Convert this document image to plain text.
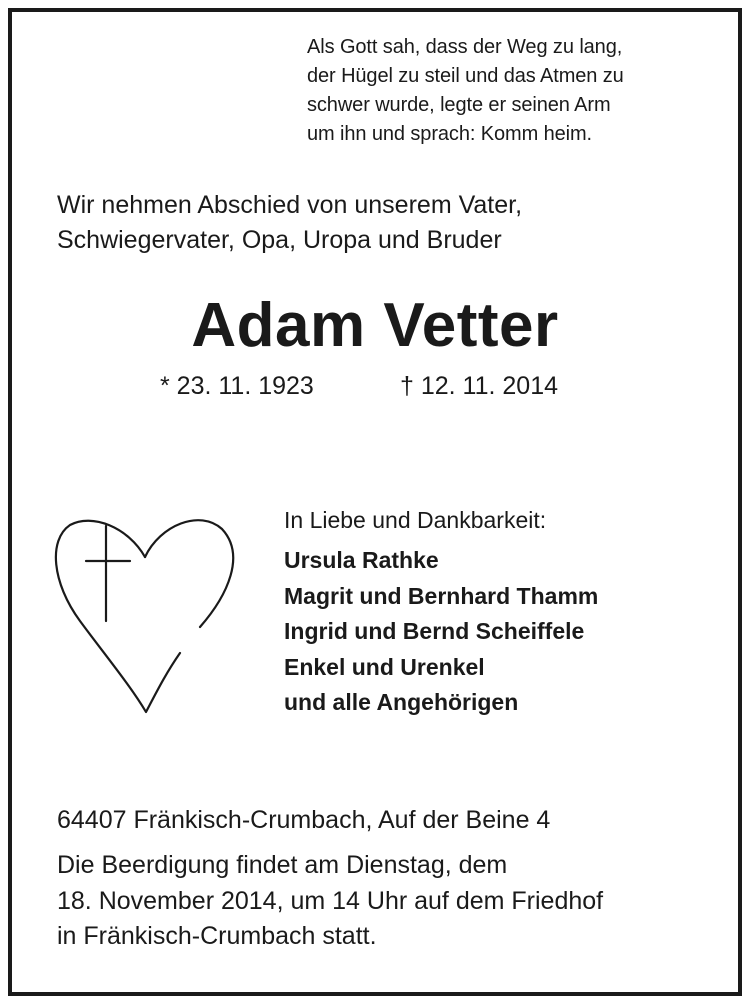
Als Gott sah, dass der Weg zu lang,
der Hügel zu steil und das Atmen zu
schwer wurde, legte er seinen Arm
um ihn und sprach: Komm heim.
Wir nehmen Abschied von unserem Vater,
Schwiegervater, Opa, Uropa und Bruder
Adam Vetter
* 23. 11. 1923	† 12. 11. 2014
In Liebe und Dankbarkeit:
Ursula Rathke
Magrit und Bernhard Thamm
Ingrid und Bernd Scheiffele
Enkel und Urenkel
und alle Angehörigen
64407 Fränkisch-Crumbach, Auf der Beine 4
Die Beerdigung findet am Dienstag, dem
18. November 2014, um 14 Uhr auf dem Friedhof
in Fränkisch-Crumbach statt.
